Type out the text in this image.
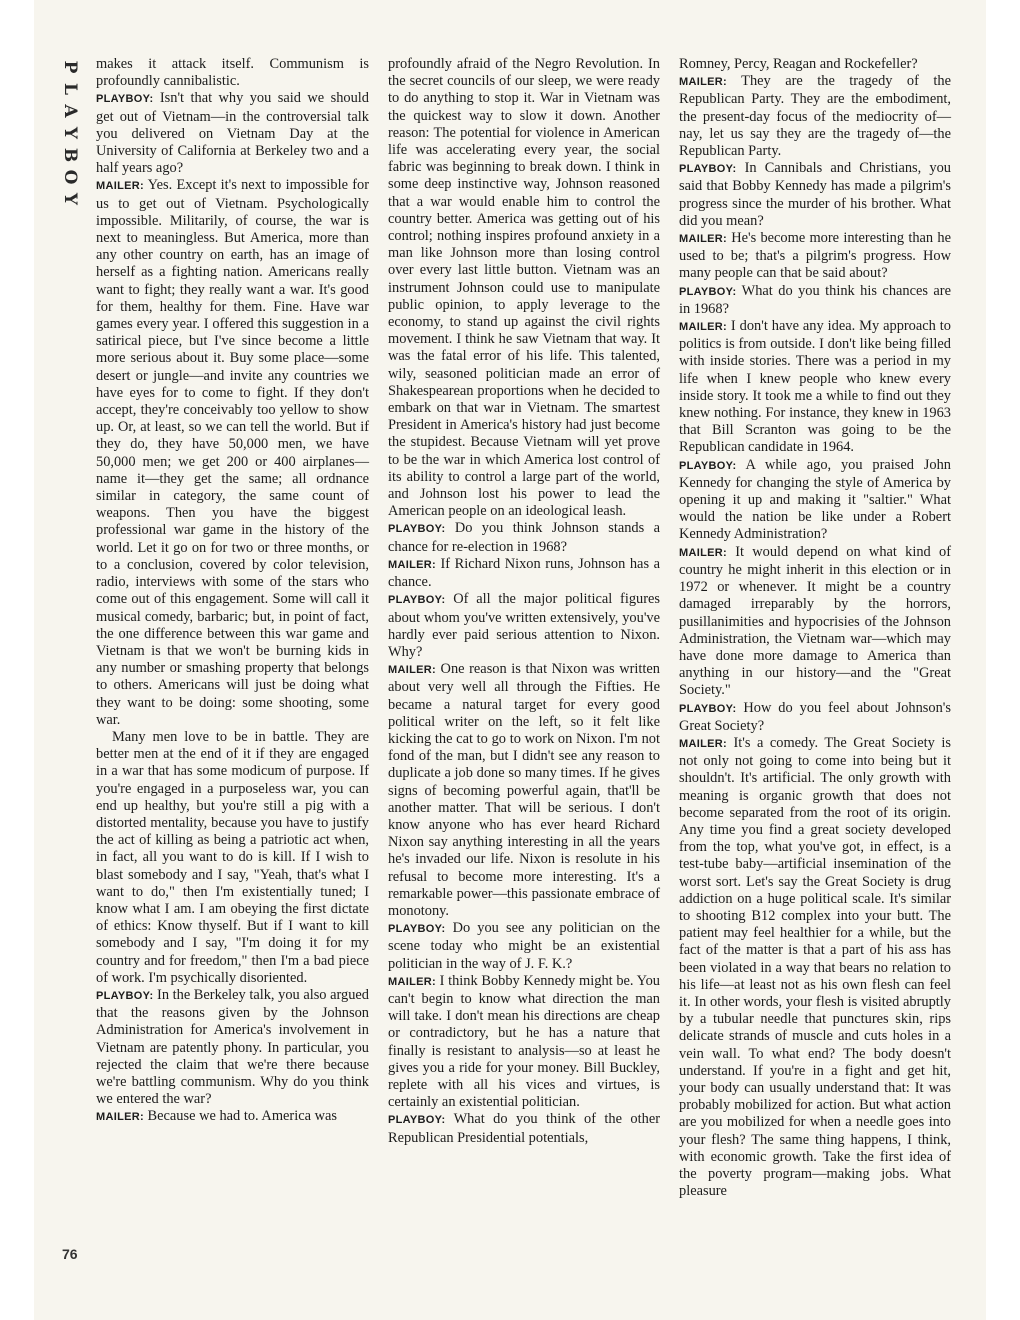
P
L
A
Y
B
O
Y
76

makes it attack itself. Communism is profoundly cannibalistic.

PLAYBOY: Isn't that why you said we should get out of Vietnam—in the controversial talk you delivered on Vietnam Day at the University of California at Berkeley two and a half years ago?

MAILER: Yes. Except it's next to impossible for us to get out of Vietnam. Psychologically impossible. Militarily, of course, the war is next to meaningless. But America, more than any other country on earth, has an image of herself as a fighting nation. Americans really want to fight; they really want a war. It's good for them, healthy for them. Fine. Have war games every year. I offered this suggestion in a satirical piece, but I've since become a little more serious about it. Buy some place—some desert or jungle—and invite any countries we have eyes for to come to fight. If they don't accept, they're conceivably too yellow to show up. Or, at least, so we can tell the world. But if they do, they have 50,000 men, we have 50,000 men; we get 200 or 400 airplanes—name it—they get the same; all ordnance similar in category, the same count of weapons. Then you have the biggest professional war game in the history of the world. Let it go on for two or three months, or to a conclusion, covered by color television, radio, interviews with some of the stars who come out of this engagement. Some will call it musical comedy, barbaric; but, in point of fact, the one difference between this war game and Vietnam is that we won't be burning kids in any number or smashing property that belongs to others. Americans will just be doing what they want to be doing: some shooting, some war.

Many men love to be in battle. They are better men at the end of it if they are engaged in a war that has some modicum of purpose. If you're engaged in a purposeless war, you can end up healthy, but you're still a pig with a distorted mentality, because you have to justify the act of killing as being a patriotic act when, in fact, all you want to do is kill. If I wish to blast somebody and I say, "Yeah, that's what I want to do," then I'm existentially tuned; I know what I am. I am obeying the first dictate of ethics: Know thyself. But if I want to kill somebody and I say, "I'm doing it for my country and for freedom," then I'm a bad piece of work. I'm psychically disoriented.

PLAYBOY: In the Berkeley talk, you also argued that the reasons given by the Johnson Administration for America's involvement in Vietnam are patently phony. In particular, you rejected the claim that we're there because we're battling communism. Why do you think we entered the war?

MAILER: Because we had to. America was

profoundly afraid of the Negro Revolution. In the secret councils of our sleep, we were ready to do anything to stop it. War in Vietnam was the quickest way to slow it down. Another reason: The potential for violence in American life was accelerating every year, the social fabric was beginning to break down. I think in some deep instinctive way, Johnson reasoned that a war would enable him to control the country better. America was getting out of his control; nothing inspires profound anxiety in a man like Johnson more than losing control over every last little button. Vietnam was an instrument Johnson could use to manipulate public opinion, to apply leverage to the economy, to stand up against the civil rights movement. I think he saw Vietnam that way. It was the fatal error of his life. This talented, wily, seasoned politician made an error of Shakespearean proportions when he decided to embark on that war in Vietnam. The smartest President in America's history had just become the stupidest. Because Vietnam will yet prove to be the war in which America lost control of its ability to control a large part of the world, and Johnson lost his power to lead the American people on an ideological leash.

PLAYBOY: Do you think Johnson stands a chance for re-election in 1968?

MAILER: If Richard Nixon runs, Johnson has a chance.

PLAYBOY: Of all the major political figures about whom you've written extensively, you've hardly ever paid serious attention to Nixon. Why?

MAILER: One reason is that Nixon was written about very well all through the Fifties. He became a natural target for every good political writer on the left, so it felt like kicking the cat to go to work on Nixon. I'm not fond of the man, but I didn't see any reason to duplicate a job done so many times. If he gives signs of becoming powerful again, that'll be another matter. That will be serious. I don't know anyone who has ever heard Richard Nixon say anything interesting in all the years he's invaded our life. Nixon is resolute in his refusal to become more interesting. It's a remarkable power—this passionate embrace of monotony.

PLAYBOY: Do you see any politician on the scene today who might be an existential politician in the way of J. F. K.?

MAILER: I think Bobby Kennedy might be. You can't begin to know what direction the man will take. I don't mean his directions are cheap or contradictory, but he has a nature that finally is resistant to analysis—so at least he gives you a ride for your money. Bill Buckley, replete with all his vices and virtues, is certainly an existential politician.

PLAYBOY: What do you think of the other Republican Presidential potentials,

Romney, Percy, Reagan and Rockefeller?

MAILER: They are the tragedy of the Republican Party. They are the embodiment, the present-day focus of the mediocrity of—nay, let us say they are the tragedy of—the Republican Party.

PLAYBOY: In Cannibals and Christians, you said that Bobby Kennedy has made a pilgrim's progress since the murder of his brother. What did you mean?

MAILER: He's become more interesting than he used to be; that's a pilgrim's progress. How many people can that be said about?

PLAYBOY: What do you think his chances are in 1968?

MAILER: I don't have any idea. My approach to politics is from outside. I don't like being filled with inside stories. There was a period in my life when I knew people who knew every inside story. It took me a while to find out they knew nothing. For instance, they knew in 1963 that Bill Scranton was going to be the Republican candidate in 1964.

PLAYBOY: A while ago, you praised John Kennedy for changing the style of America by opening it up and making it "saltier." What would the nation be like under a Robert Kennedy Administration?

MAILER: It would depend on what kind of country he might inherit in this election or in 1972 or whenever. It might be a country damaged irreparably by the horrors, pusillanimities and hypocrisies of the Johnson Administration, the Vietnam war—which may have done more damage to America than anything in our history—and the "Great Society."

PLAYBOY: How do you feel about Johnson's Great Society?

MAILER: It's a comedy. The Great Society is not only not going to come into being but it shouldn't. It's artificial. The only growth with meaning is organic growth that does not become separated from the root of its origin. Any time you find a great society developed from the top, what you've got, in effect, is a test-tube baby—artificial insemination of the worst sort. Let's say the Great Society is drug addiction on a huge political scale. It's similar to shooting B12 complex into your butt. The patient may feel healthier for a while, but the fact of the matter is that a part of his ass has been violated in a way that bears no relation to his life—at least not as his own flesh can feel it. In other words, your flesh is visited abruptly by a tubular needle that punctures skin, rips delicate strands of muscle and cuts holes in a vein wall. To what end? The body doesn't understand. If you're in a fight and get hit, your body can usually understand that: It was probably mobilized for action. But what action are you mobilized for when a needle goes into your flesh? The same thing happens, I think, with economic growth. Take the first idea of the poverty program—making jobs. What pleasure
